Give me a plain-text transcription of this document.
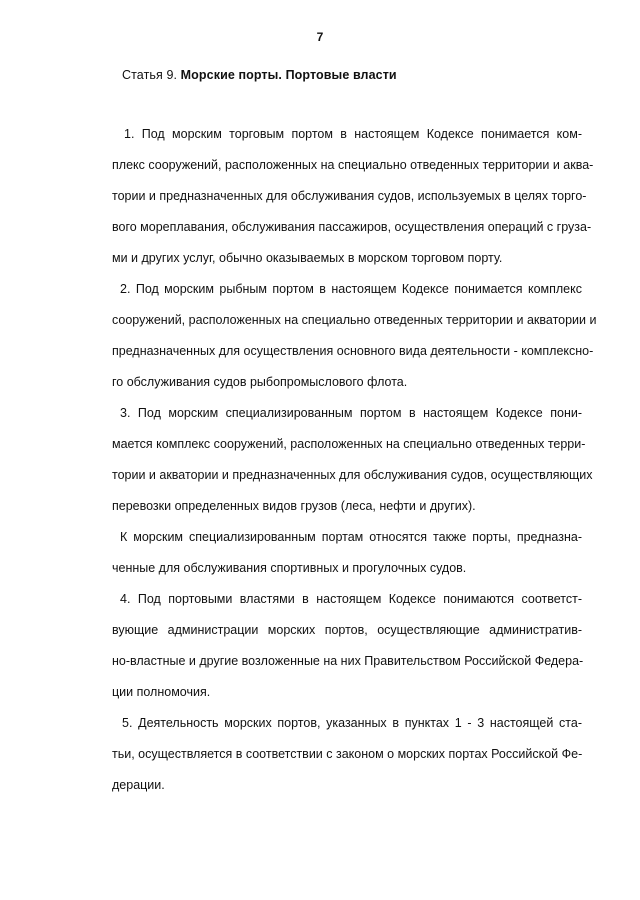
7
Статья 9. Морские порты. Портовые власти
1. Под морским торговым портом в настоящем Кодексе понимается ком-
плекс сооружений, расположенных на специально отведенных территории и аква-
тории и предназначенных для обслуживания судов, используемых в целях торго-
вого мореплавания, обслуживания пассажиров, осуществления операций с груза-
ми и других услуг, обычно оказываемых в морском торговом порту.
2. Под морским рыбным портом в настоящем Кодексе понимается комплекс
сооружений, расположенных на специально отведенных территории и акватории и
предназначенных для осуществления основного вида деятельности - комплексно-
го обслуживания судов рыбопромыслового флота.
3. Под морским специализированным портом в настоящем Кодексе пони-
мается комплекс сооружений, расположенных на специально отведенных терри-
тории и акватории и предназначенных для обслуживания судов, осуществляющих
перевозки определенных видов грузов (леса, нефти и других).
К морским специализированным портам относятся также порты, предназна-
ченные для обслуживания спортивных и прогулочных судов.
4. Под портовыми властями в настоящем Кодексе понимаются соответст-
вующие администрации морских портов, осуществляющие административ-
но-властные и другие возложенные на них Правительством Российской Федера-
ции полномочия.
5. Деятельность морских портов, указанных в пунктах 1 - 3 настоящей ста-
тьи, осуществляется в соответствии с законом о морских портах Российской Фе-
дерации.
